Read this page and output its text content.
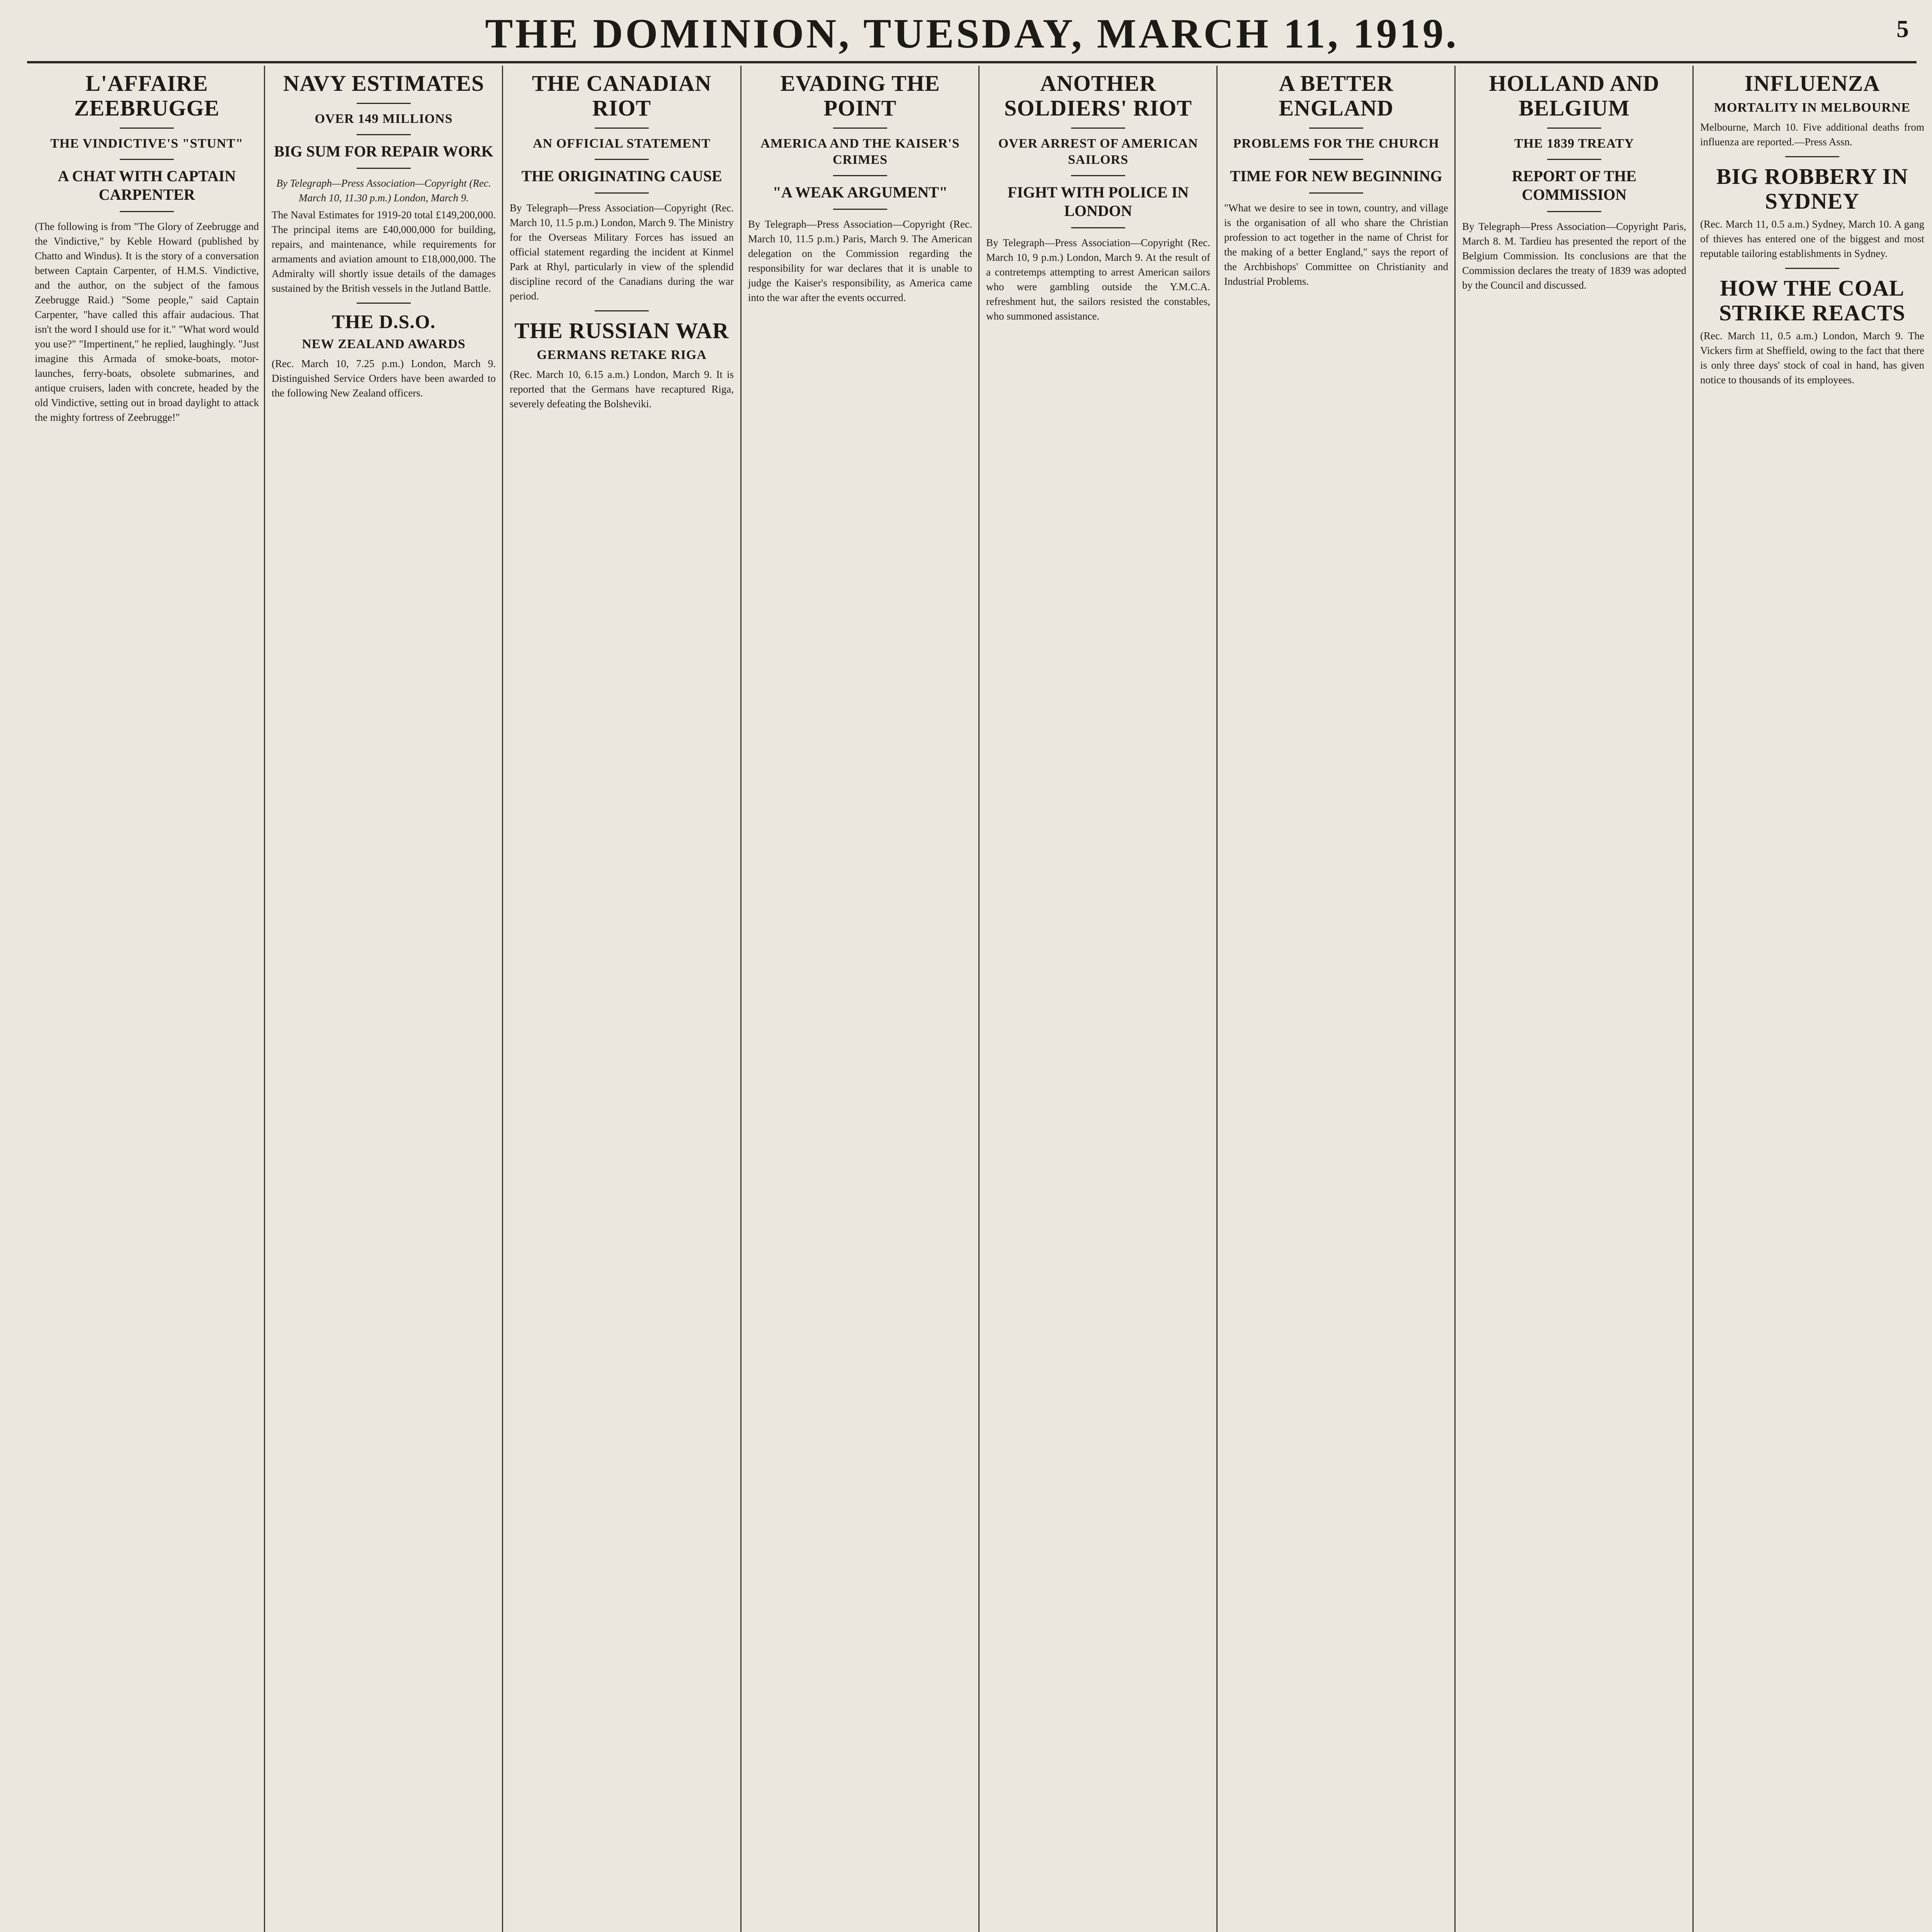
5
THE DOMINION, TUESDAY, MARCH 11, 1919.
L'AFFAIRE ZEEBRUGGE
THE VINDICTIVE'S "STUNT"
A CHAT WITH CAPTAIN CARPENTER
(The following is from "The Glory of Zeebrugge and the Vindictive," by Keble Howard (published by Chatto and Windus). It is the story of a conversation between Captain Carpenter, of H.M.S. Vindictive, and the author, on the subject of the famous Zeebrugge Raid.) "Some people," said Captain Carpenter, "have called this affair audacious. That isn't the word I should use for it." "What word would you use?" "Impertinent," he replied, laughingly. "Just imagine this Armada of smoke-boats, motor-launches, ferry-boats, obsolete submarines, and antique cruisers, laden with concrete, headed by the old Vindictive, setting out in broad daylight to attack the mighty fortress of Zeebrugge!"
NAVY ESTIMATES
OVER 149 MILLIONS
BIG SUM FOR REPAIR WORK
By Telegraph—Press Association—Copyright (Rec. March 10, 11.30 p.m.) London, March 9.
The Naval Estimates for 1919-20 total £149,200,000. The principal items are £40,000,000 for building, repairs, and maintenance, while requirements for armaments and aviation amount to £18,000,000. The Admiralty will shortly issue details of the damages sustained by the British vessels in the Jutland Battle.
THE D.S.O.
NEW ZEALAND AWARDS
(Rec. March 10, 7.25 p.m.) London, March 9. Distinguished Service Orders have been awarded to the following New Zealand officers.
THE CANADIAN RIOT
AN OFFICIAL STATEMENT
THE ORIGINATING CAUSE
By Telegraph—Press Association—Copyright (Rec. March 10, 11.5 p.m.) London, March 9. The Ministry for the Overseas Military Forces has issued an official statement regarding the incident at Kinmel Park at Rhyl, particularly in view of the splendid discipline record of the Canadians during the war period.
THE RUSSIAN WAR
GERMANS RETAKE RIGA
(Rec. March 10, 6.15 a.m.) London, March 9. It is reported that the Germans have recaptured Riga, severely defeating the Bolsheviki.
EVADING THE POINT
AMERICA AND THE KAISER'S CRIMES
"A WEAK ARGUMENT"
By Telegraph—Press Association—Copyright (Rec. March 10, 11.5 p.m.) Paris, March 9. The American delegation on the Commission regarding the responsibility for war declares that it is unable to judge the Kaiser's responsibility, as America came into the war after the events occurred.
ANOTHER SOLDIERS' RIOT
OVER ARREST OF AMERICAN SAILORS
FIGHT WITH POLICE IN LONDON
By Telegraph—Press Association—Copyright (Rec. March 10, 9 p.m.) London, March 9. At the result of a contretemps attempting to arrest American sailors who were gambling outside the Y.M.C.A. refreshment hut, the sailors resisted the constables, who summoned assistance.
A BETTER ENGLAND
PROBLEMS FOR THE CHURCH
TIME FOR NEW BEGINNING
"What we desire to see in town, country, and village is the organisation of all who share the Christian profession to act together in the name of Christ for the making of a better England," says the report of the Archbishops' Committee on Christianity and Industrial Problems.
HOLLAND AND BELGIUM
THE 1839 TREATY
REPORT OF THE COMMISSION
By Telegraph—Press Association—Copyright Paris, March 8. M. Tardieu has presented the report of the Belgium Commission. Its conclusions are that the Commission declares the treaty of 1839 was adopted by the Council and discussed.
INFLUENZA
MORTALITY IN MELBOURNE
Melbourne, March 10. Five additional deaths from influenza are reported.—Press Assn.
BIG ROBBERY IN SYDNEY
(Rec. March 11, 0.5 a.m.) Sydney, March 10. A gang of thieves has entered one of the biggest and most reputable tailoring establishments in Sydney.
HOW THE COAL STRIKE REACTS
(Rec. March 11, 0.5 a.m.) London, March 9. The Vickers firm at Sheffield, owing to the fact that there is only three days' stock of coal in hand, has given notice to thousands of its employees.
